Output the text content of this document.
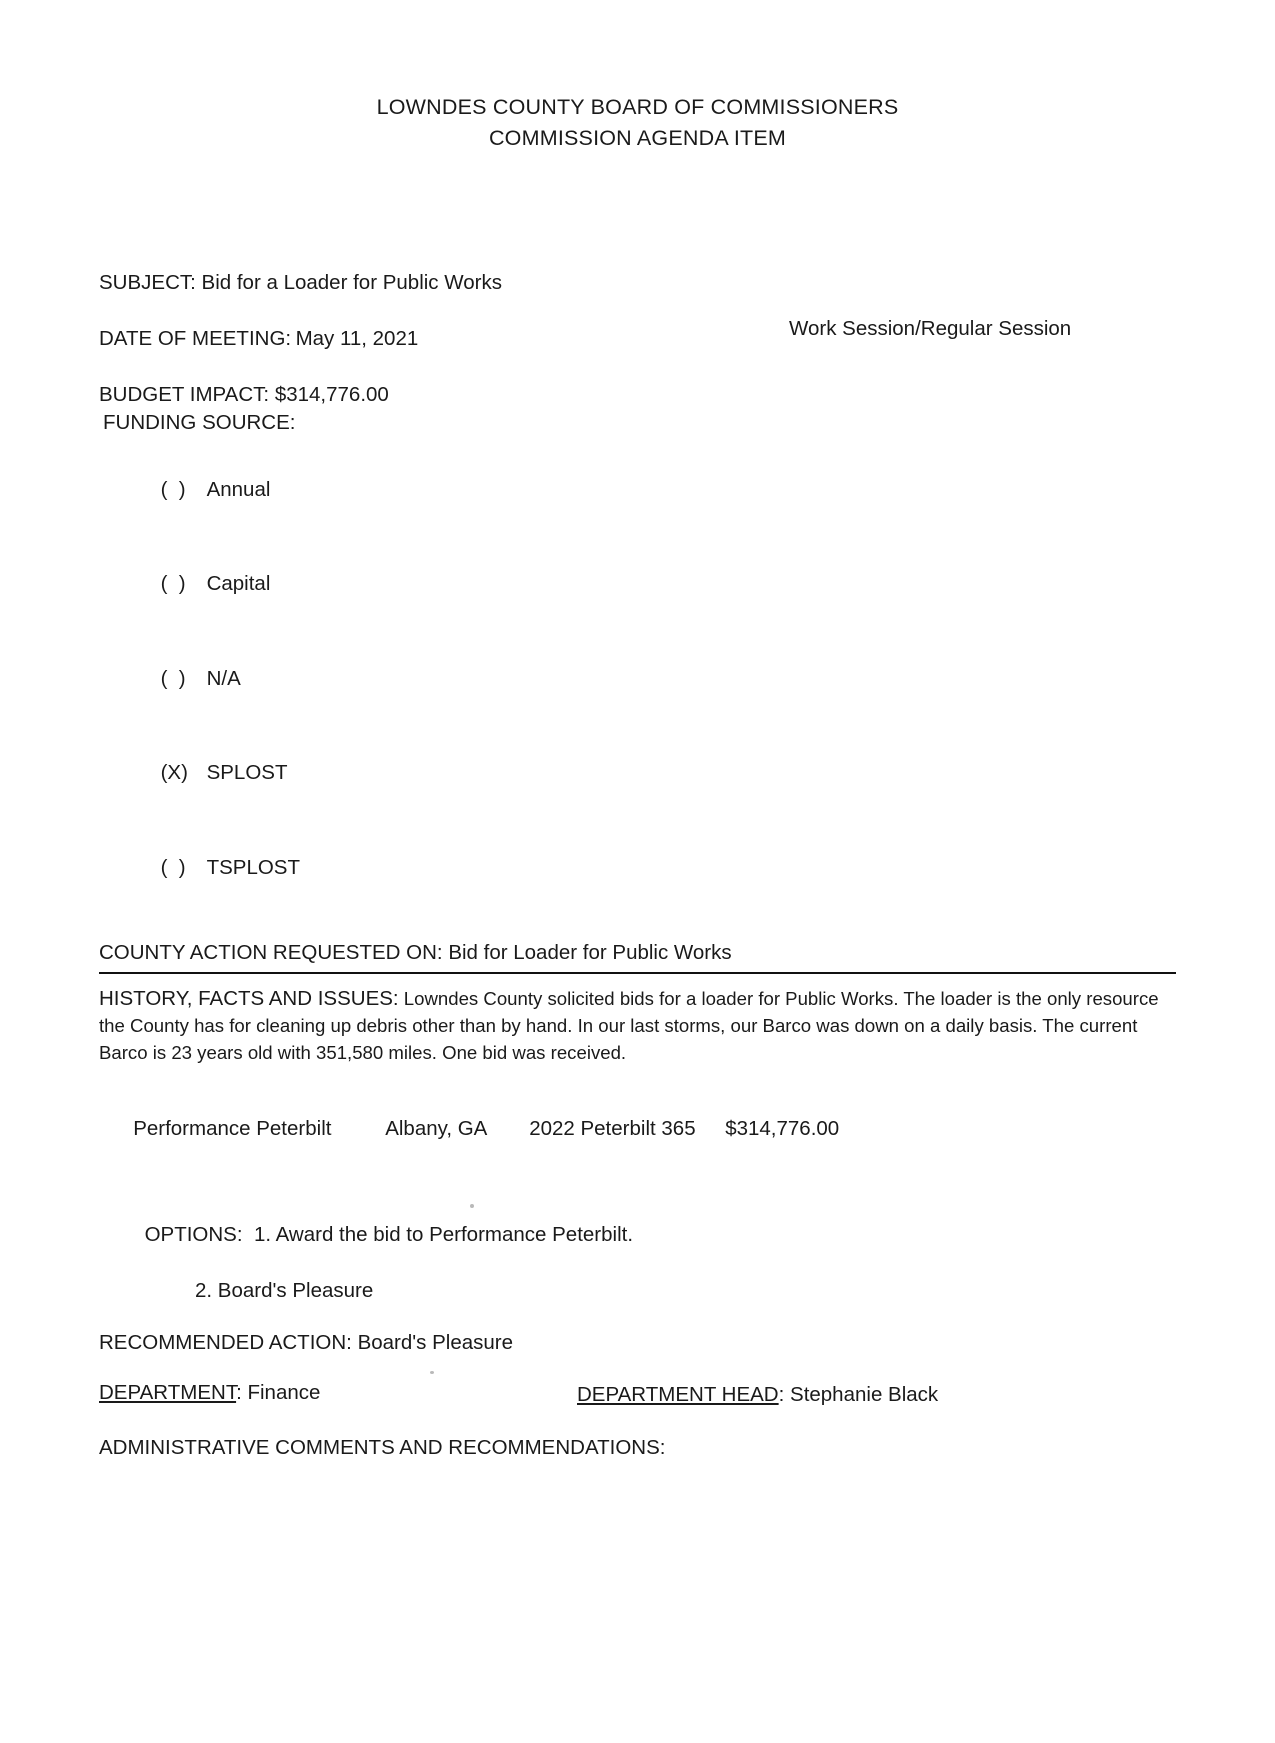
LOWNDES COUNTY BOARD OF COMMISSIONERS
COMMISSION AGENDA ITEM
SUBJECT: Bid for a Loader for Public Works
DATE OF MEETING: May 11, 2021	Work Session/Regular Session
BUDGET IMPACT: $314,776.00
FUNDING SOURCE:

(  ) Annual

(  ) Capital

(  ) N/A

(X) SPLOST

(  ) TSPLOST

COUNTY ACTION REQUESTED ON: Bid for Loader for Public Works
HISTORY, FACTS AND ISSUES: Lowndes County solicited bids for a loader for Public Works. The loader is the only resource the County has for cleaning up debris other than by hand. In our last storms, our Barco was down on a daily basis. The current Barco is 23 years old with 351,580 miles. One bid was received.

Performance Peterbilt	Albany, GA 2022 Peterbilt 365 $314,776.00

OPTIONS: 1. Award the bid to Performance Peterbilt.

2. Board's Pleasure
RECOMMENDED ACTION: Board's Pleasure
DEPARTMENT: Finance	DEPARTMENT HEAD: Stephanie Black
ADMINISTRATIVE COMMENTS AND RECOMMENDATIONS:
